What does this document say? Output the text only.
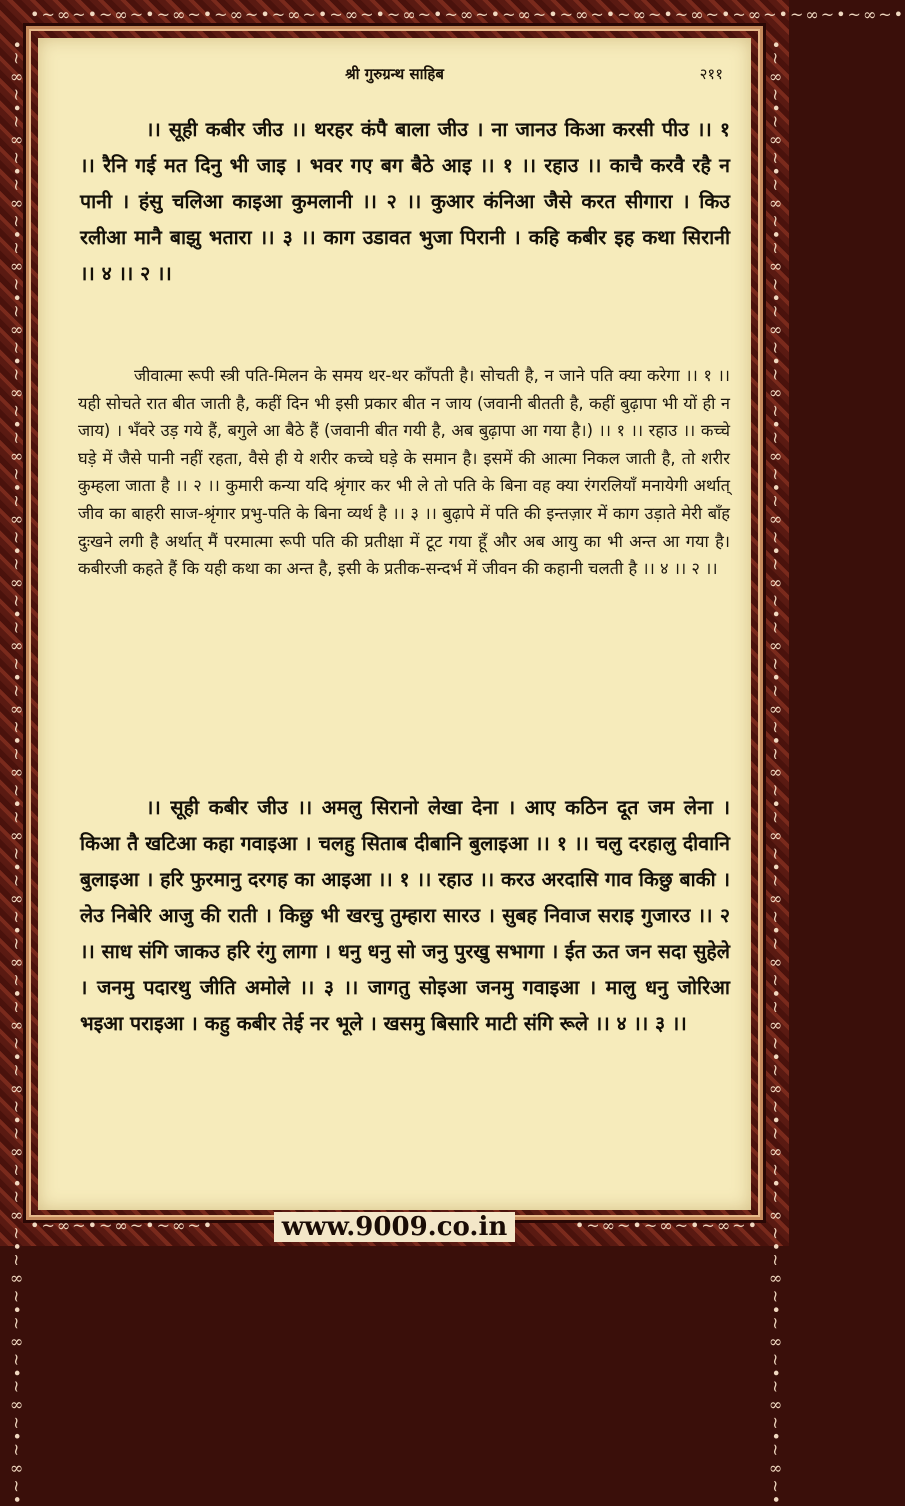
•~∞~•~∞~•~∞~•~∞~•~∞~•~∞~•~∞~•~∞~•~∞~•~∞~•~∞~•~∞~•~∞~•~∞~•~∞~•
•~∞~•~∞~•~∞~•~∞~•~∞~•~∞~•~∞~•~∞~•~∞~•~∞~•~∞~•~∞~•~∞~•~∞~•~∞~•~∞~•~∞~•~∞~•~∞~•~∞~•~∞~•~∞~•~∞~•	•~∞~•~∞~•~∞~•~∞~•~∞~•~∞~•~∞~•~∞~•~∞~•~∞~•~∞~•~∞~•~∞~•~∞~•~∞~•~∞~•~∞~•~∞~•~∞~•~∞~•~∞~•~∞~•~∞~•
श्री गुरुग्रन्थ साहिब	२११

।। सूही कबीर जीउ ।। थरहर कंपै बाला जीउ । ना जानउ किआ करसी पीउ ।। १ ।। रैनि गई मत दिनु भी जाइ । भवर गए बग बैठे आइ ।। १ ।। रहाउ ।। काचै करवै रहै न पानी । हंसु चलिआ काइआ कुमलानी ।। २ ।। कुआर कंनिआ जैसे करत सीगारा । किउ रलीआ मानै बाझु भतारा ।। ३ ।। काग उडावत भुजा पिरानी । कहि कबीर इह कथा सिरानी ।। ४ ।। २ ।।

जीवात्मा रूपी स्त्री पति-मिलन के समय थर-थर काँपती है। सोचती है, न जाने पति क्या करेगा ।। १ ।। यही सोचते रात बीत जाती है, कहीं दिन भी इसी प्रकार बीत न जाय (जवानी बीतती है, कहीं बुढ़ापा भी यों ही न जाय) । भँवरे उड़ गये हैं, बगुले आ बैठे हैं (जवानी बीत गयी है, अब बुढ़ापा आ गया है।) ।। १ ।। रहाउ ।। कच्चे घड़े में जैसे पानी नहीं रहता, वैसे ही ये शरीर कच्चे घड़े के समान है। इसमें की आत्मा निकल जाती है, तो शरीर कुम्हला जाता है ।। २ ।। कुमारी कन्या यदि श्रृंगार कर भी ले तो पति के बिना वह क्या रंगरलियाँ मनायेगी अर्थात् जीव का बाहरी साज-श्रृंगार प्रभु-पति के बिना व्यर्थ है ।। ३ ।। बुढ़ापे में पति की इन्तज़ार में काग उड़ाते मेरी बाँह दुःखने लगी है अर्थात् मैं परमात्मा रूपी पति की प्रतीक्षा में टूट गया हूँ और अब आयु का भी अन्त आ गया है। कबीरजी कहते हैं कि यही कथा का अन्त है, इसी के प्रतीक-सन्दर्भ में जीवन की कहानी चलती है ।। ४ ।। २ ।।

।। सूही कबीर जीउ ।। अमलु सिरानो लेखा देना । आए कठिन दूत जम लेना । किआ तै खटिआ कहा गवाइआ । चलहु सिताब दीबानि बुलाइआ ।। १ ।। चलु दरहालु दीवानि बुलाइआ । हरि फुरमानु दरगह का आइआ ।। १ ।। रहाउ ।। करउ अरदासि गाव किछु बाकी । लेउ निबेरि आजु की राती । किछु भी खरचु तुम्हारा सारउ । सुबह निवाज सराइ गुजारउ ।। २ ।। साध संगि जाकउ हरि रंगु लागा । धनु धनु सो जनु पुरखु सभागा । ईत ऊत जन सदा सुहेले । जनमु पदारथु जीति अमोले ।। ३ ।। जागतु सोइआ जनमु गवाइआ । मालु धनु जोरिआ भइआ पराइआ । कहु कबीर तेई नर भूले । खसमु बिसारि माटी संगि रूले ।। ४ ।। ३ ।।

•~∞~•~∞~•~∞~•	www.9009.co.in	•~∞~•~∞~•~∞~•
